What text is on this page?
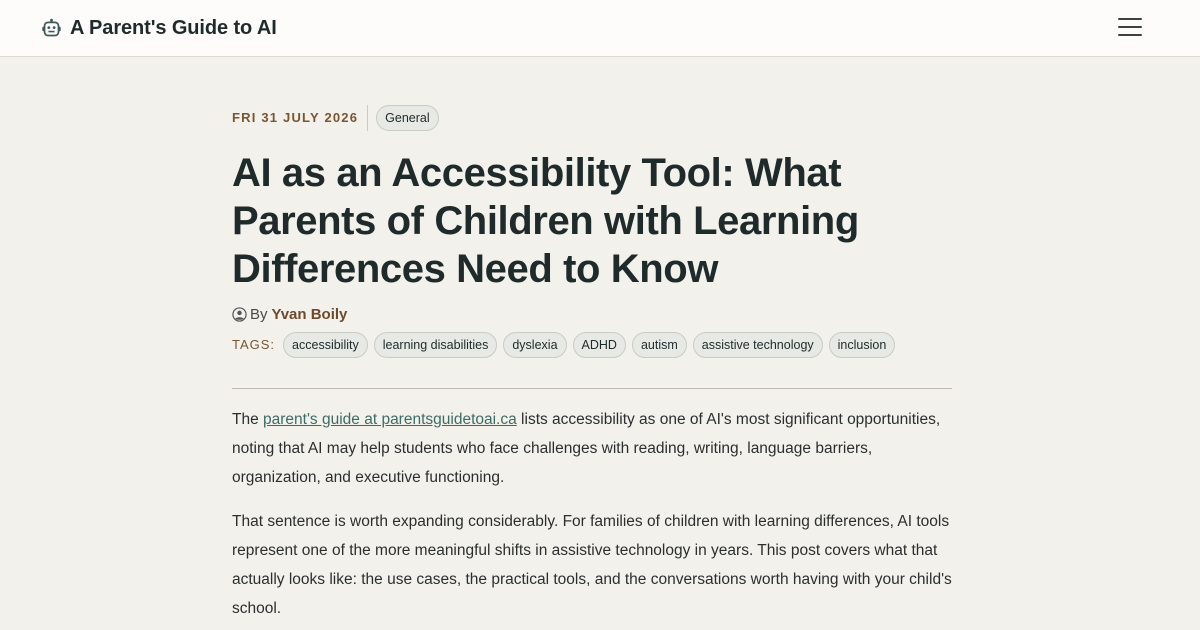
A Parent's Guide to AI
FRI 31 JULY 2026	General
AI as an Accessibility Tool: What Parents of Children with Learning Differences Need to Know
By Yvan Boily
TAGS:	accessibility	learning disabilities	dyslexia	ADHD	autism	assistive technology	inclusion

The parent's guide at parentsguidetoai.ca lists accessibility as one of AI's most significant opportunities, noting that AI may help students who face challenges with reading, writing, language barriers, organization, and executive functioning.

That sentence is worth expanding considerably. For families of children with learning differences, AI tools represent one of the more meaningful shifts in assistive technology in years. This post covers what that actually looks like: the use cases, the practical tools, and the conversations worth having with your child's school.
